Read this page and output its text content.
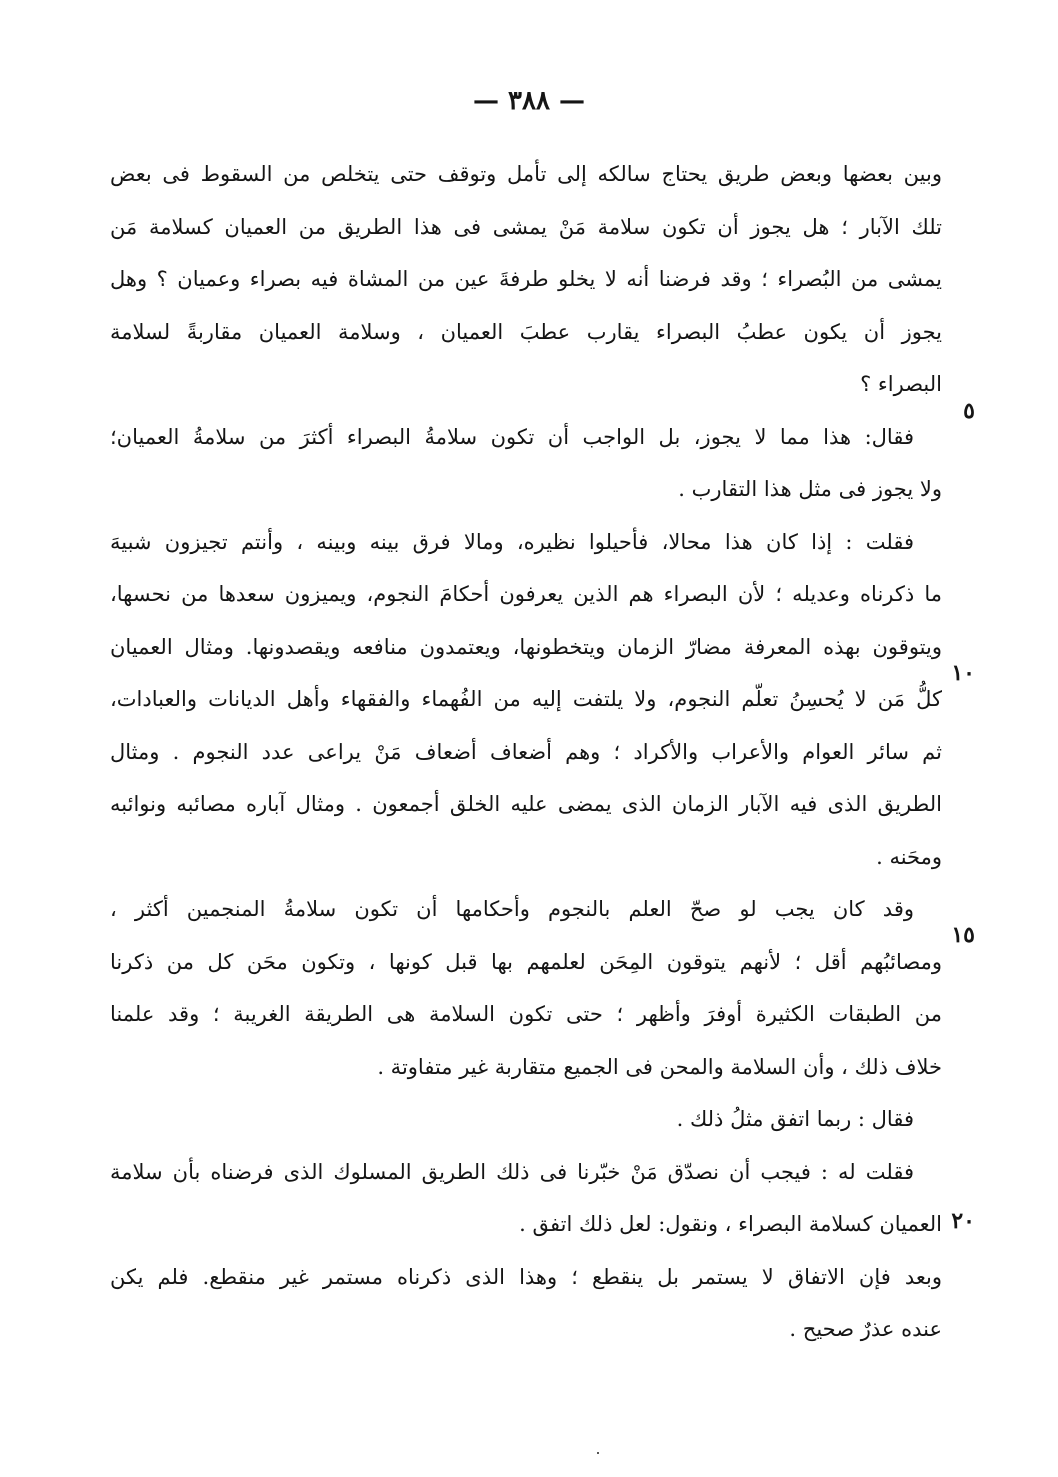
— ٣٨٨ —
وبين بعضها وبعض طريق يحتاج سالكه إلى تأمل وتوقف حتى يتخلص من السقوط فى بعض
تلك الآبار ؛ هل يجوز أن تكون سلامة مَنْ يمشى فى هذا الطريق من العميان كسلامة مَن
يمشى من البُصراء ؛ وقد فرضنا أنه لا يخلو طرفةَ عين من المشاة فيه بصراء وعميان ؟ وهل
يجوز أن يكون عطبُ البصراء يقارب عطبَ العميان ، وسلامة العميان مقاربةً لسلامة
البصراء ؟
فقال: هذا مما لا يجوز، بل الواجب أن تكون سلامةُ البصراء أكثرَ من سلامةُ العميان؛
ولا يجوز فى مثل هذا التقارب .
فقلت : إذا كان هذا محالا، فأحيلوا نظيره، ومالا فرق بينه وبينه ، وأنتم تجيزون شبيهَ
ما ذكرناه وعديله ؛ لأن البصراء هم الذين يعرفون أحكامَ النجوم، ويميزون سعدها من نحسها،
ويتوقون بهذه المعرفة مضارّ الزمان ويتخطونها، ويعتمدون منافعه ويقصدونها. ومثال العميان
كلُّ مَن لا يُحسِنُ تعلّم النجوم، ولا يلتفت إليه من الفُهماء والفقهاء وأهل الديانات والعبادات،
ثم سائر العوام والأعراب والأكراد ؛ وهم أضعاف أضعاف مَنْ يراعى عدد النجوم . ومثال
الطريق الذى فيه الآبار الزمان الذى يمضى عليه الخلق أجمعون . ومثال آباره مصائبه ونوائبه
ومحَنه .
وقد كان يجب لو صحّ العلم بالنجوم وأحكامها أن تكون سلامةُ المنجمين أكثر ،
ومصائبُهم أقل ؛ لأنهم يتوقون المِحَن لعلمهم بها قبل كونها ، وتكون محَن كل من ذكرنا
من الطبقات الكثيرة أوفرَ وأظهر ؛ حتى تكون السلامة هى الطريقة الغريبة ؛ وقد علمنا
خلاف ذلك ، وأن السلامة والمحن فى الجميع متقاربة غير متفاوتة .
فقال : ربما اتفق مثلُ ذلك .
فقلت له : فيجب أن نصدّق مَنْ خبّرنا فى ذلك الطريق المسلوك الذى فرضناه بأن سلامة
العميان كسلامة البصراء ، ونقول: لعل ذلك اتفق .
وبعد فإن الاتفاق لا يستمر بل ينقطع ؛ وهذا الذى ذكرناه مستمر غير منقطع. فلم يكن
عنده عذرٌ صحيح .
٥
١٠
١٥
٢٠
